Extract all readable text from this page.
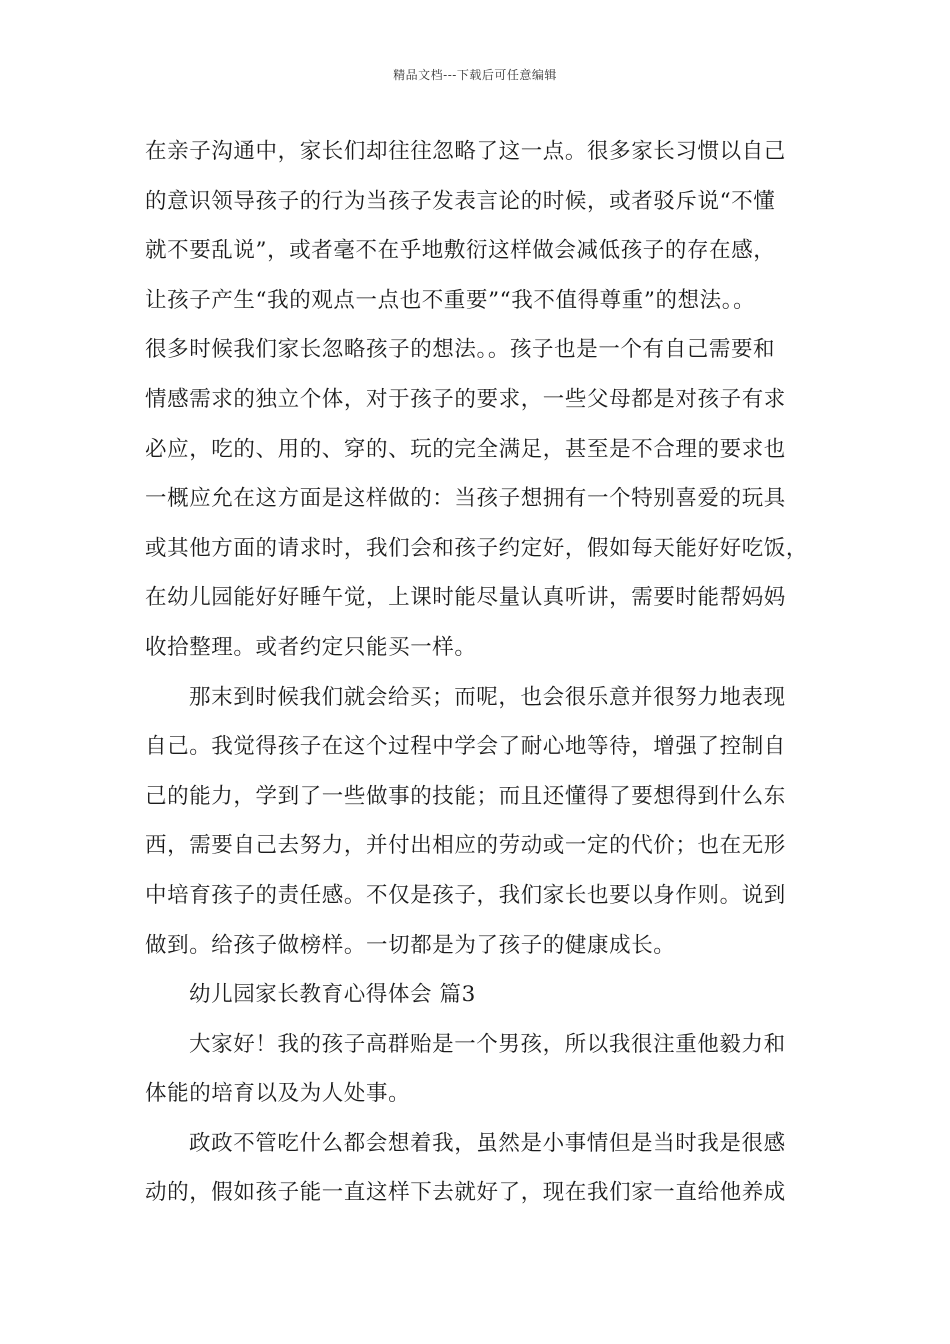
精品文档---下载后可任意编辑
在亲子沟通中，家长们却往往忽略了这一点。很多家长习惯以自己
的意识领导孩子的行为当孩子发表言论的时候，或者驳斥说“不懂
就不要乱说”，或者毫不在乎地敷衍这样做会减低孩子的存在感，
让孩子产生“我的观点一点也不重要”“我不值得尊重”的想法。。
很多时候我们家长忽略孩子的想法。。孩子也是一个有自己需要和
情感需求的独立个体，对于孩子的要求，一些父母都是对孩子有求
必应，吃的、用的、穿的、玩的完全满足，甚至是不合理的要求也
一概应允在这方面是这样做的：当孩子想拥有一个特别喜爱的玩具
或其他方面的请求时，我们会和孩子约定好，假如每天能好好吃饭，
在幼儿园能好好睡午觉，上课时能尽量认真听讲，需要时能帮妈妈
收拾整理。或者约定只能买一样。
那末到时候我们就会给买；而呢，也会很乐意并很努力地表现
自己。我觉得孩子在这个过程中学会了耐心地等待，增强了控制自
己的能力，学到了一些做事的技能；而且还懂得了要想得到什么东
西，需要自己去努力，并付出相应的劳动或一定的代价；也在无形
中培育孩子的责任感。不仅是孩子，我们家长也要以身作则。说到
做到。给孩子做榜样。一切都是为了孩子的健康成长。
幼儿园家长教育心得体会 篇3
大家好！我的孩子高群贻是一个男孩，所以我很注重他毅力和
体能的培育以及为人处事。
政政不管吃什么都会想着我，虽然是小事情但是当时我是很感
动的，假如孩子能一直这样下去就好了，现在我们家一直给他养成
